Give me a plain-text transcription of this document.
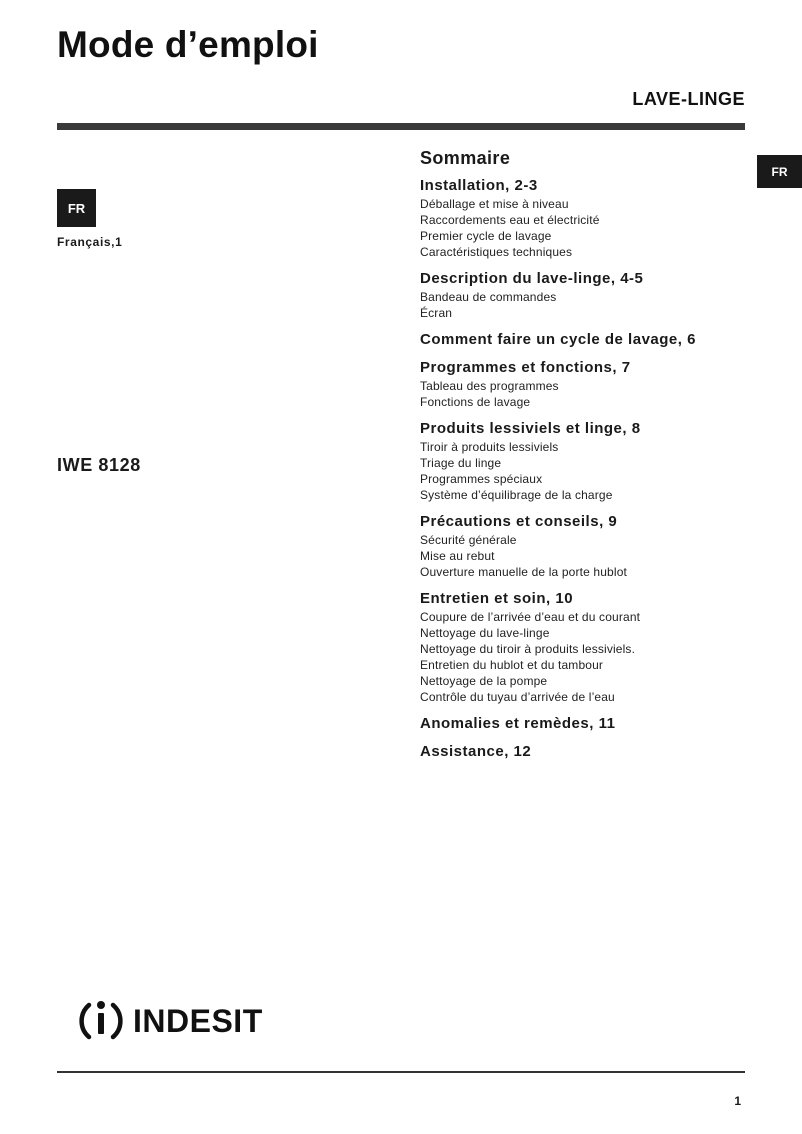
Mode d’emploi
LAVE-LINGE
FR
Français,1
IWE 8128
FR
Sommaire
Installation, 2-3
Déballage et mise à niveau
Raccordements eau et électricité
Premier cycle de lavage
Caractéristiques techniques
Description du lave-linge, 4-5
Bandeau de commandes
Écran
Comment faire un cycle de lavage, 6
Programmes et fonctions, 7
Tableau des programmes
Fonctions de lavage
Produits lessiviels et linge, 8
Tiroir à produits lessiviels
Triage du linge
Programmes spéciaux
Système d’équilibrage de la charge
Précautions et conseils, 9
Sécurité générale
Mise au rebut
Ouverture manuelle de la porte hublot
Entretien et soin, 10
Coupure de l’arrivée d’eau et du courant
Nettoyage du lave-linge
Nettoyage du tiroir à produits lessiviels.
Entretien du hublot et du tambour
Nettoyage de la pompe
Contrôle du tuyau d’arrivée de l’eau
Anomalies et remèdes, 11
Assistance, 12
INDESIT
1
